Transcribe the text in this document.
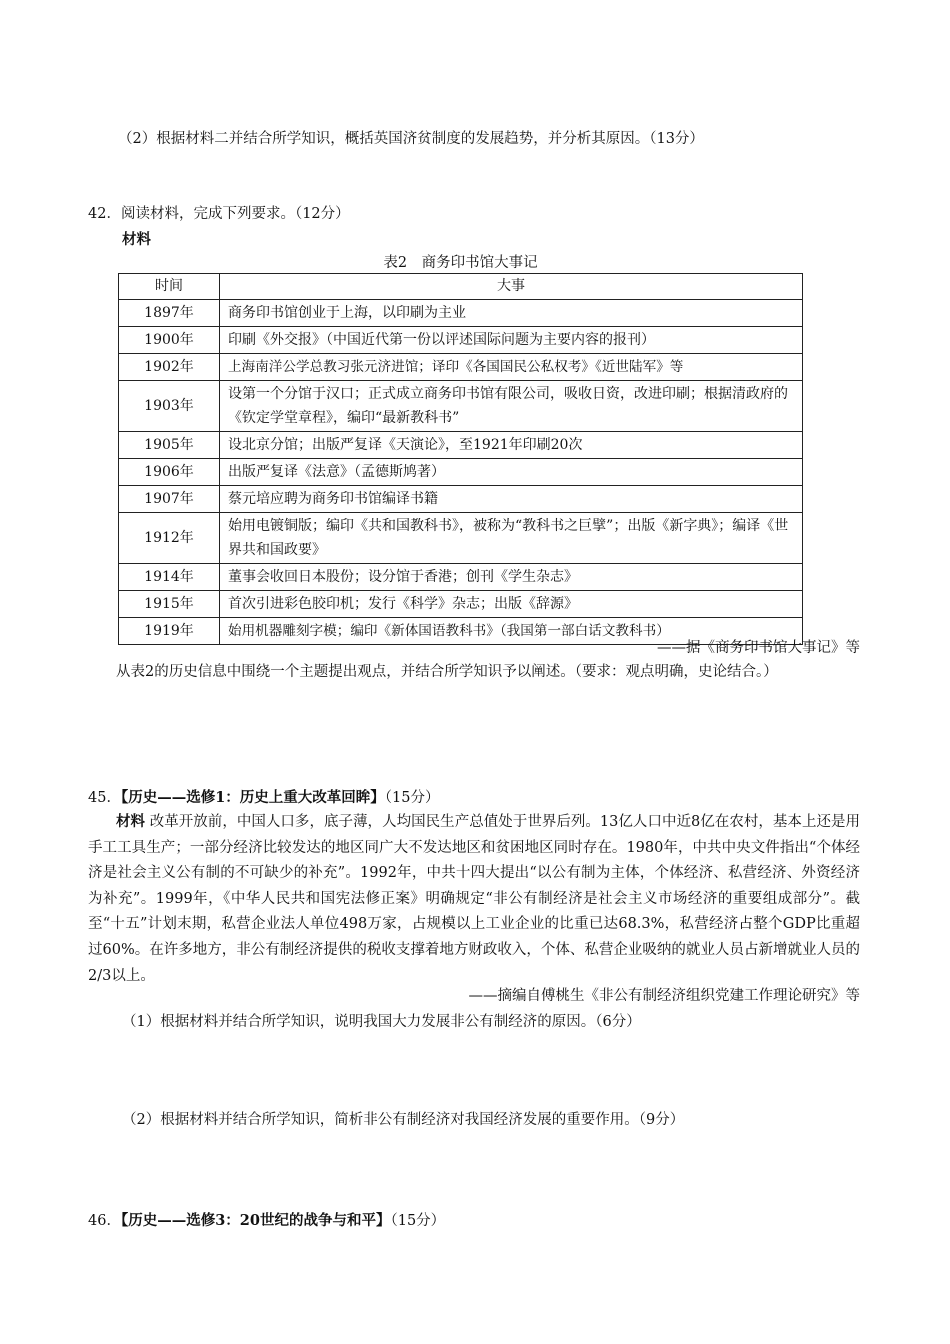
（2）根据材料二并结合所学知识，概括英国济贫制度的发展趋势，并分析其原因。（13分）
42．阅读材料，完成下列要求。（12分）
材料
表2　商务印书馆大事记
时间	大事
1897年	商务印书馆创业于上海，以印刷为主业
1900年	印刷《外交报》（中国近代第一份以评述国际问题为主要内容的报刊）
1902年	上海南洋公学总教习张元济进馆；译印《各国国民公私权考》《近世陆军》等
1903年	设第一个分馆于汉口；正式成立商务印书馆有限公司，吸收日资，改进印刷；根据清政府的《钦定学堂章程》，编印“最新教科书”
1905年	设北京分馆；出版严复译《天演论》，至1921年印刷20次
1906年	出版严复译《法意》（孟德斯鸠著）
1907年	蔡元培应聘为商务印书馆编译书籍
1912年	始用电镀铜版；编印《共和国教科书》，被称为“教科书之巨擘”；出版《新字典》；编译《世界共和国政要》
1914年	董事会收回日本股份；设分馆于香港；创刊《学生杂志》
1915年	首次引进彩色胶印机；发行《科学》杂志；出版《辞源》
1919年	始用机器雕刻字模；编印《新体国语教科书》（我国第一部白话文教科书）
——据《商务印书馆大事记》等
从表2的历史信息中围绕一个主题提出观点，并结合所学知识予以阐述。（要求：观点明确，史论结合。）
45．【历史——选修1：历史上重大改革回眸】（15分）
材料 改革开放前，中国人口多，底子薄，人均国民生产总值处于世界后列。13亿人口中近8亿在农村，基本上还是用手工工具生产；一部分经济比较发达的地区同广大不发达地区和贫困地区同时存在。1980年，中共中央文件指出“个体经济是社会主义公有制的不可缺少的补充”。1992年，中共十四大提出“以公有制为主体，个体经济、私营经济、外资经济为补充”。1999年，《中华人民共和国宪法修正案》明确规定“非公有制经济是社会主义市场经济的重要组成部分”。截至“十五”计划末期，私营企业法人单位498万家，占规模以上工业企业的比重已达68.3%，私营经济占整个GDP比重超过60%。在许多地方，非公有制经济提供的税收支撑着地方财政收入，个体、私营企业吸纳的就业人员占新增就业人员的2/3以上。
——摘编自傅桃生《非公有制经济组织党建工作理论研究》等
（1）根据材料并结合所学知识，说明我国大力发展非公有制经济的原因。（6分）
（2）根据材料并结合所学知识，简析非公有制经济对我国经济发展的重要作用。（9分）
46．【历史——选修3：20世纪的战争与和平】（15分）
